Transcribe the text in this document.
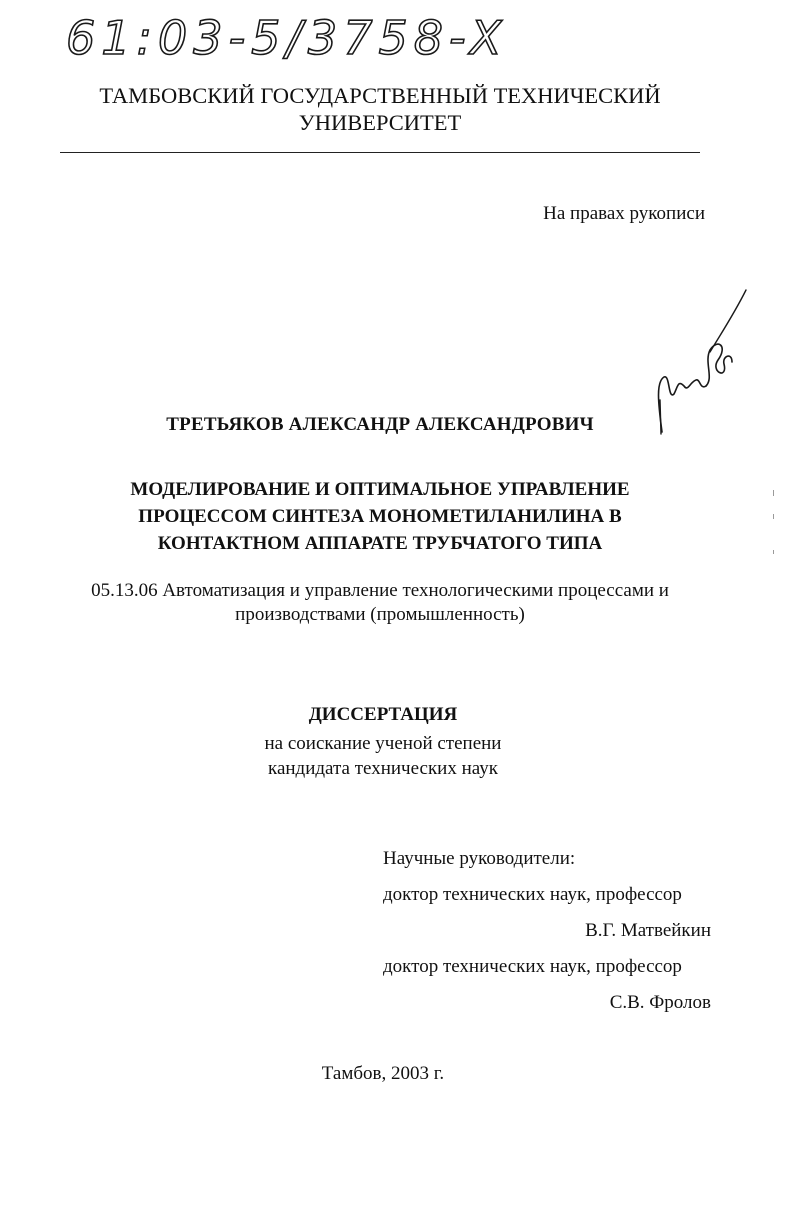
61:03-5/3758-X
ТАМБОВСКИЙ ГОСУДАРСТВЕННЫЙ ТЕХНИЧЕСКИЙ
УНИВЕРСИТЕТ
На правах рукописи
ТРЕТЬЯКОВ АЛЕКСАНДР АЛЕКСАНДРОВИЧ
МОДЕЛИРОВАНИЕ И ОПТИМАЛЬНОЕ УПРАВЛЕНИЕ
ПРОЦЕССОМ СИНТЕЗА МОНОМЕТИЛАНИЛИНА В
КОНТАКТНОМ АППАРАТЕ ТРУБЧАТОГО ТИПА
05.13.06 Автоматизация и управление технологическими процессами и
производствами (промышленность)
ДИССЕРТАЦИЯ
на соискание ученой степени
кандидата технических наук
Научные руководители:
доктор технических наук, профессор
В.Г. Матвейкин
доктор технических наук, профессор
С.В. Фролов
Тамбов, 2003 г.
